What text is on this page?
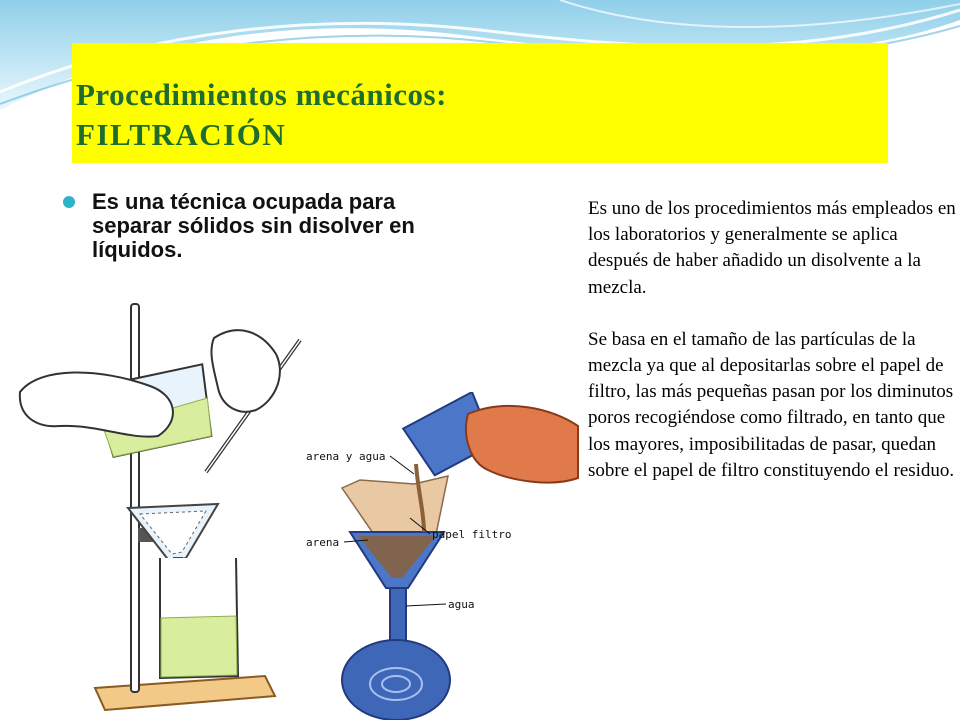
Procedimientos mecánicos:
FILTRACIÓN
Es una técnica ocupada para separar sólidos sin disolver en líquidos.

Es uno de los procedimientos más empleados en los laboratorios y generalmente se aplica después de haber añadido un disolvente a la mezcla.

Se basa en el tamaño de las partículas de la mezcla ya que al depositarlas sobre el papel de filtro, las más pequeñas pasan por los diminutos poros recogiéndose como filtrado, en tanto que los mayores, imposibilitadas de pasar, quedan sobre el papel de filtro constituyendo el residuo.

arena y agua
arena
papel filtro
agua
